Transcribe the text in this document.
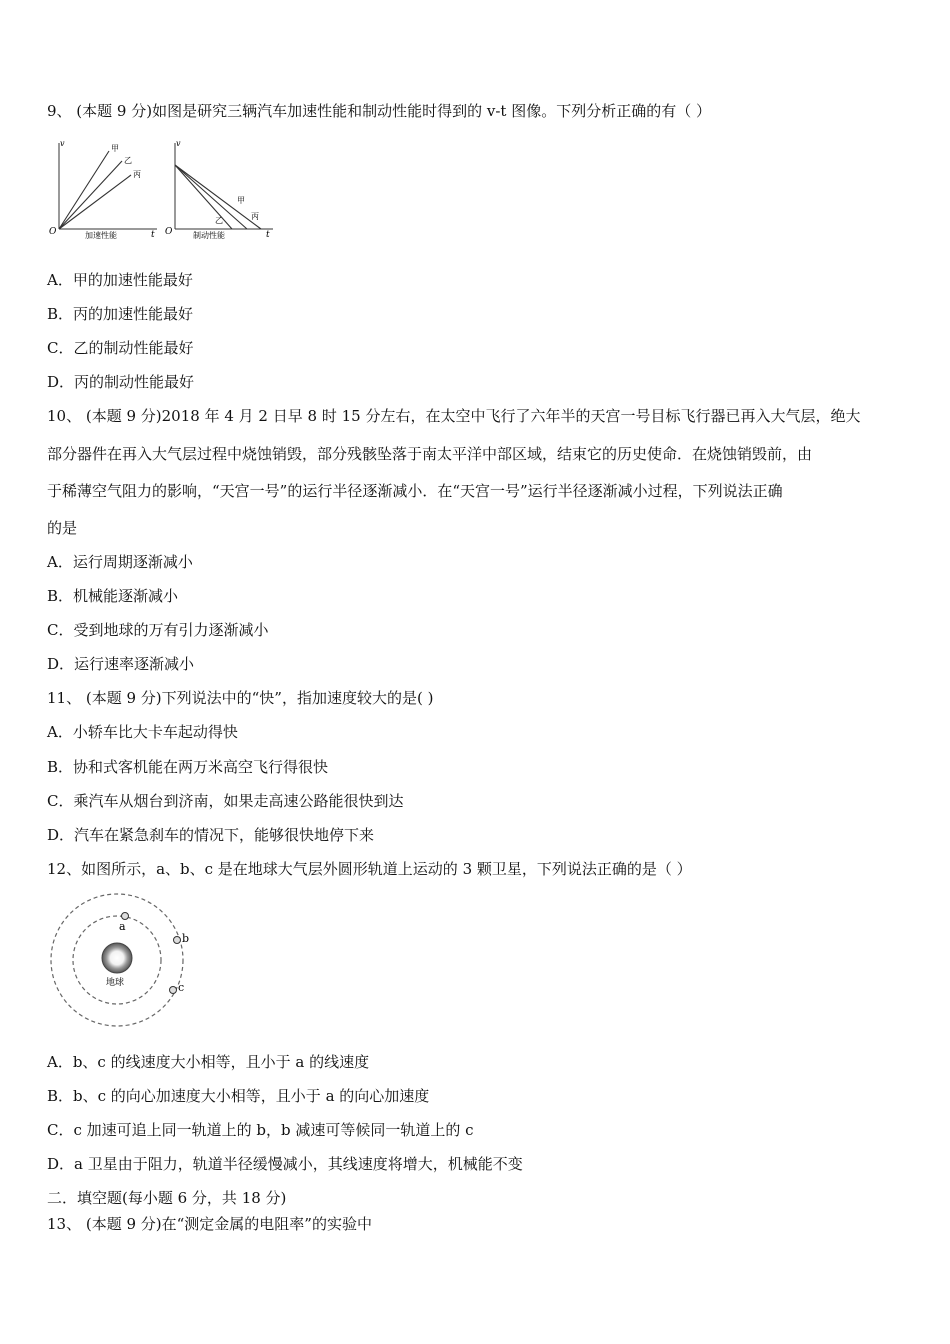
9、 (本题 9 分)如图是研究三辆汽车加速性能和制动性能时得到的 v-t 图像。下列分析正确的有（ ）
v
t
O
甲
乙
丙
加速性能
v
t
O
乙
甲
丙
制动性能
A．甲的加速性能最好
B．丙的加速性能最好
C．乙的制动性能最好
D．丙的制动性能最好
10、 (本题 9 分)2018 年 4 月 2 日早 8 时 15 分左右，在太空中飞行了六年半的天宫一号目标飞行器已再入大气层，绝大
部分器件在再入大气层过程中烧蚀销毁，部分残骸坠落于南太平洋中部区域，结束它的历史使命．在烧蚀销毁前，由
于稀薄空气阻力的影响，“天宫一号”的运行半径逐渐减小．在“天宫一号”运行半径逐渐减小过程，下列说法正确
的是
A．运行周期逐渐减小
B．机械能逐渐减小
C．受到地球的万有引力逐渐减小
D．运行速率逐渐减小
11、 (本题 9 分)下列说法中的“快”，指加速度较大的是( )
A．小轿车比大卡车起动得快
B．协和式客机能在两万米高空飞行得很快
C．乘汽车从烟台到济南，如果走高速公路能很快到达
D．汽车在紧急刹车的情况下，能够很快地停下来
12、如图所示，a、b、c 是在地球大气层外圆形轨道上运动的 3 颗卫星，下列说法正确的是（ ）
地球
a
b
c
A．b、c 的线速度大小相等，且小于 a 的线速度
B．b、c 的向心加速度大小相等，且小于 a 的向心加速度
C．c 加速可追上同一轨道上的 b，b 减速可等候同一轨道上的 c
D．a 卫星由于阻力，轨道半径缓慢减小，其线速度将增大，机械能不变
二．填空题(每小题 6 分，共 18 分)
13、 (本题 9 分)在“测定金属的电阻率”的实验中
